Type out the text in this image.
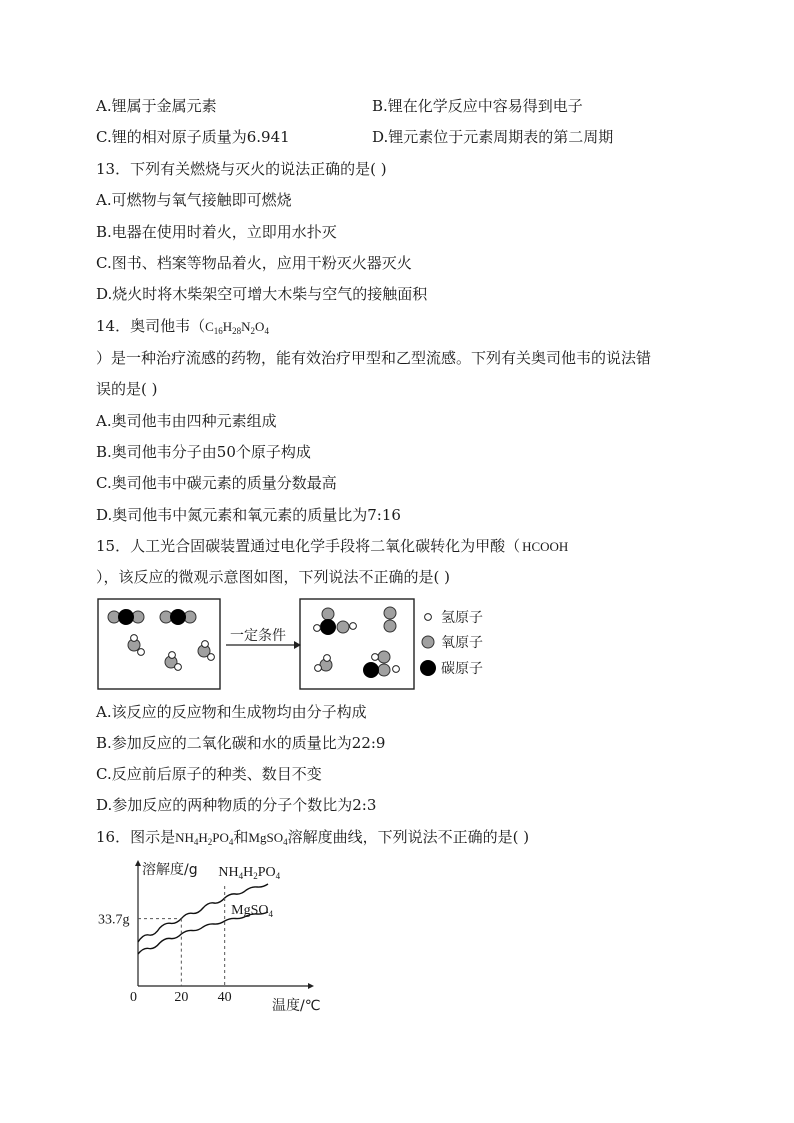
A.锂属于金属元素	B.锂在化学反应中容易得到电子
C.锂的相对原子质量为6.941	D.锂元素位于元素周期表的第二周期
13．下列有关燃烧与灭火的说法正确的是( )
A.可燃物与氧气接触即可燃烧
B.电器在使用时着火，立即用水扑灭
C.图书、档案等物品着火，应用干粉灭火器灭火
D.烧火时将木柴架空可增大木柴与空气的接触面积
14．奥司他韦（$C_{16}H_{28}N_2O_4$
）是一种治疗流感的药物，能有效治疗甲型和乙型流感。下列有关奥司他韦的说法错
误的是( )
A.奥司他韦由四种元素组成
B.奥司他韦分子由50个原子构成
C.奥司他韦中碳元素的质量分数最高
D.奥司他韦中氮元素和氧元素的质量比为7:16
15．人工光合固碳装置通过电化学手段将二氧化碳转化为甲酸（ HCOOH
），该反应的微观示意图如图，下列说法不正确的是( )
一定条件
氢原子
氧原子
碳原子
A.该反应的反应物和生成物均由分子构成
B.参加反应的二氧化碳和水的质量比为22:9
C.反应前后原子的种类、数目不变
D.参加反应的两种物质的分子个数比为2:3
16．图示是$NH_4H_2PO_4$和MgSO$_4$溶解度曲线，下列说法不正确的是( )
溶解度/g
温度/℃
0	20 40
$NH_4H_2PO_4$
MgSO$_4$
33.7g
